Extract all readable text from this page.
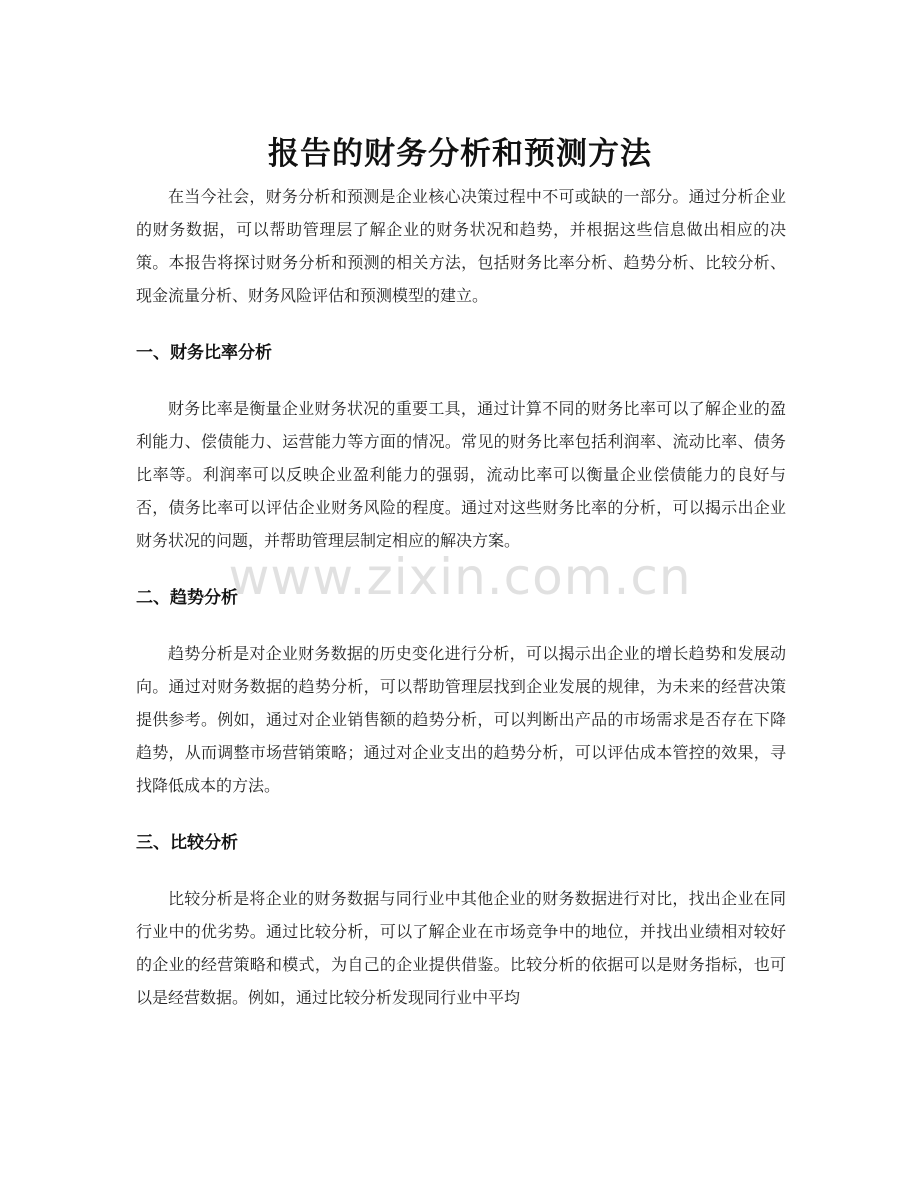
报告的财务分析和预测方法

在当今社会，财务分析和预测是企业核心决策过程中不可或缺的一部分。通过分析企业的财务数据，可以帮助管理层了解企业的财务状况和趋势，并根据这些信息做出相应的决策。本报告将探讨财务分析和预测的相关方法，包括财务比率分析、趋势分析、比较分析、现金流量分析、财务风险评估和预测模型的建立。

一、财务比率分析

财务比率是衡量企业财务状况的重要工具，通过计算不同的财务比率可以了解企业的盈利能力、偿债能力、运营能力等方面的情况。常见的财务比率包括利润率、流动比率、债务比率等。利润率可以反映企业盈利能力的强弱，流动比率可以衡量企业偿债能力的良好与否，债务比率可以评估企业财务风险的程度。通过对这些财务比率的分析，可以揭示出企业财务状况的问题，并帮助管理层制定相应的解决方案。

二、趋势分析

趋势分析是对企业财务数据的历史变化进行分析，可以揭示出企业的增长趋势和发展动向。通过对财务数据的趋势分析，可以帮助管理层找到企业发展的规律，为未来的经营决策提供参考。例如，通过对企业销售额的趋势分析，可以判断出产品的市场需求是否存在下降趋势，从而调整市场营销策略；通过对企业支出的趋势分析，可以评估成本管控的效果，寻找降低成本的方法。

三、比较分析

比较分析是将企业的财务数据与同行业中其他企业的财务数据进行对比，找出企业在同行业中的优劣势。通过比较分析，可以了解企业在市场竞争中的地位，并找出业绩相对较好的企业的经营策略和模式，为自己的企业提供借鉴。比较分析的依据可以是财务指标，也可以是经营数据。例如，通过比较分析发现同行业中平均

www.zixin.com.cn
